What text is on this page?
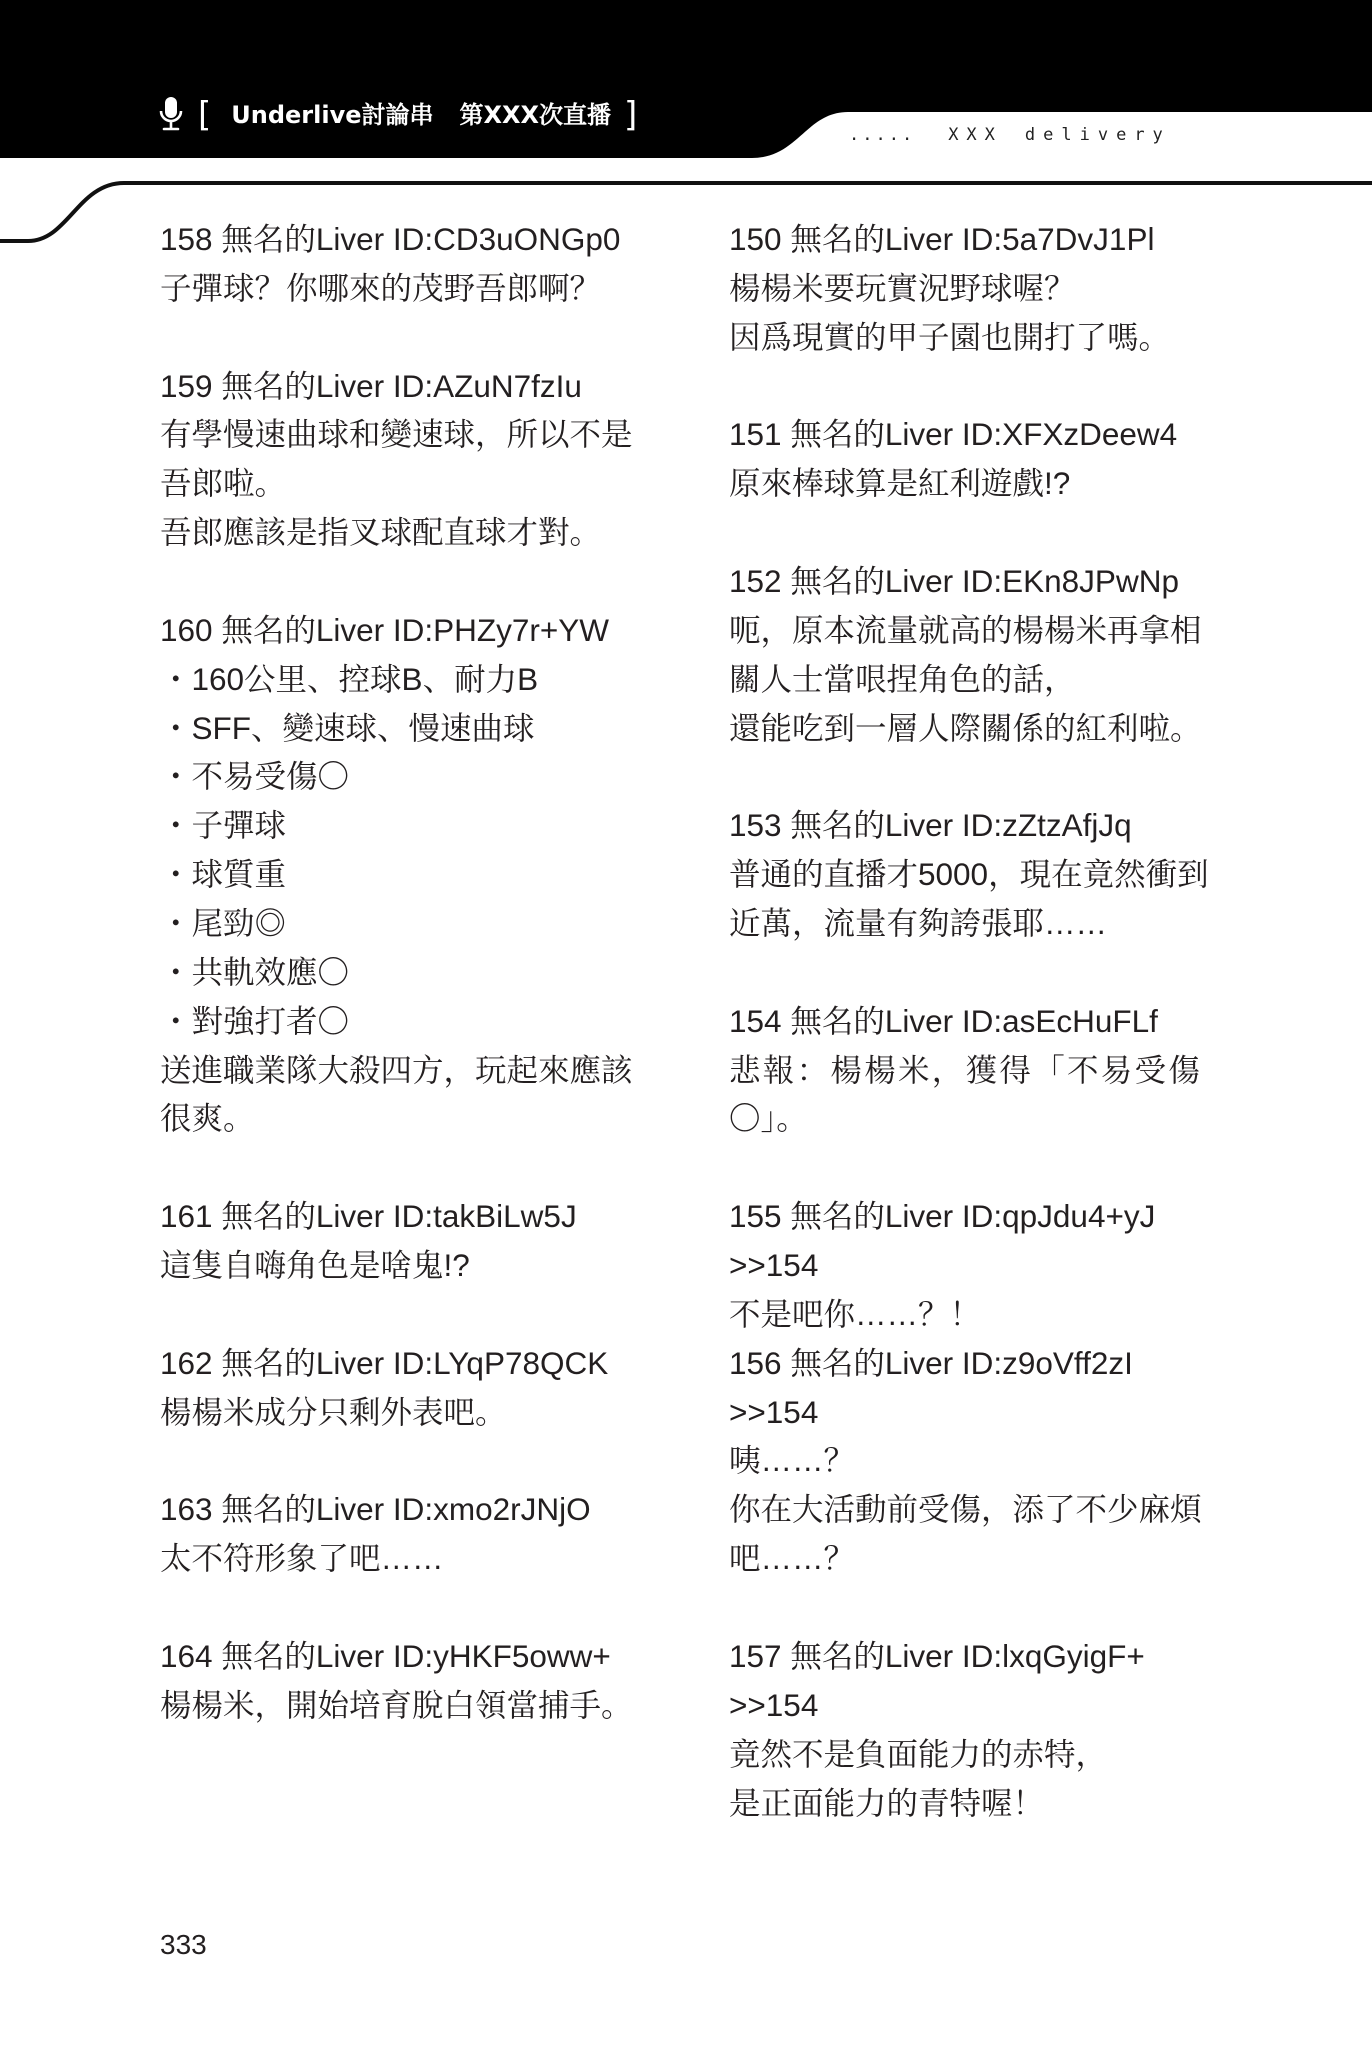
[ Underlive討論串 第XXX次直播 ]	..... XXX delivery
158 無名的Liver ID:CD3uONGp0
子彈球？你哪來的茂野吾郎啊？
159 無名的Liver ID:AZuN7fzIu
有學慢速曲球和變速球，所以不是
吾郎啦。
吾郎應該是指叉球配直球才對。
160 無名的Liver ID:PHZy7r+YW
・160公里、控球B、耐力B
・SFF、變速球、慢速曲球
・不易受傷〇
・子彈球
・球質重
・尾勁◎
・共軌效應〇
・對強打者〇
送進職業隊大殺四方，玩起來應該
很爽。
161 無名的Liver ID:takBiLw5J
這隻自嗨角色是啥鬼!?
162 無名的Liver ID:LYqP78QCK
楊楊米成分只剩外表吧。
163 無名的Liver ID:xmo2rJNjO
太不符形象了吧……
164 無名的Liver ID:yHKF5oww+
楊楊米，開始培育脫白領當捕手。
150 無名的Liver ID:5a7DvJ1Pl
楊楊米要玩實況野球喔？
因爲現實的甲子園也開打了嗎。
151 無名的Liver ID:XFXzDeew4
原來棒球算是紅利遊戲!?
152 無名的Liver ID:EKn8JPwNp
呃，原本流量就高的楊楊米再拿相
關人士當哏捏角色的話，
還能吃到一層人際關係的紅利啦。
153 無名的Liver ID:zZtzAfjJq
普通的直播才5000，現在竟然衝到
近萬，流量有夠誇張耶……
154 無名的Liver ID:asEcHuFLf
悲報：楊楊米，獲得「不易受傷
〇」。
155 無名的Liver ID:qpJdu4+yJ
>>154
不是吧你……？！
156 無名的Liver ID:z9oVff2zI
>>154
咦……？
你在大活動前受傷，添了不少麻煩
吧……？
157 無名的Liver ID:lxqGyigF+
>>154
竟然不是負面能力的赤特，
是正面能力的青特喔！
333
